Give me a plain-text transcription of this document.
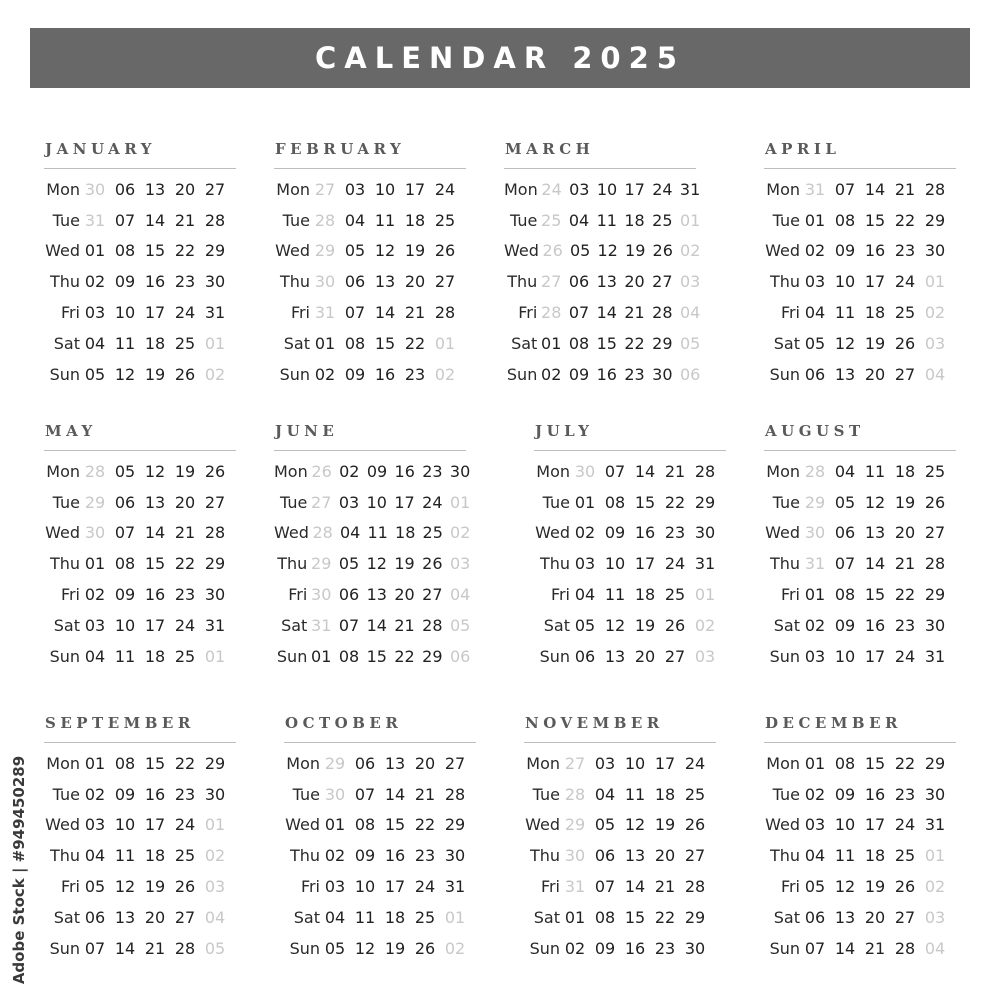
CALENDAR 2025
JANUARY
Mon 30 06 13 20 27
Tue 31 07 14 21 28
Wed 01 08 15 22 29
Thu 02 09 16 23 30
Fri 03 10 17 24 31
Sat 04 11 18 25 01
Sun 05 12 19 26 02
FEBRUARY
Mon 27 03 10 17 24
Tue 28 04 11 18 25
Wed 29 05 12 19 26
Thu 30 06 13 20 27
Fri 31 07 14 21 28
Sat 01 08 15 22 01
Sun 02 09 16 23 02
MARCH
Mon 24 03 10 17 24 31
Tue 25 04 11 18 25 01
Wed 26 05 12 19 26 02
Thu 27 06 13 20 27 03
Fri 28 07 14 21 28 04
Sat 01 08 15 22 29 05
Sun 02 09 16 23 30 06
APRIL
Mon 31 07 14 21 28
Tue 01 08 15 22 29
Wed 02 09 16 23 30
Thu 03 10 17 24 01
Fri 04 11 18 25 02
Sat 05 12 19 26 03
Sun 06 13 20 27 04
MAY
Mon 28 05 12 19 26
Tue 29 06 13 20 27
Wed 30 07 14 21 28
Thu 01 08 15 22 29
Fri 02 09 16 23 30
Sat 03 10 17 24 31
Sun 04 11 18 25 01
JUNE
Mon 26 02 09 16 23 30
Tue 27 03 10 17 24 01
Wed 28 04 11 18 25 02
Thu 29 05 12 19 26 03
Fri 30 06 13 20 27 04
Sat 31 07 14 21 28 05
Sun 01 08 15 22 29 06
JULY
Mon 30 07 14 21 28
Tue 01 08 15 22 29
Wed 02 09 16 23 30
Thu 03 10 17 24 31
Fri 04 11 18 25 01
Sat 05 12 19 26 02
Sun 06 13 20 27 03
AUGUST
Mon 28 04 11 18 25
Tue 29 05 12 19 26
Wed 30 06 13 20 27
Thu 31 07 14 21 28
Fri 01 08 15 22 29
Sat 02 09 16 23 30
Sun 03 10 17 24 31
SEPTEMBER
Mon 01 08 15 22 29
Tue 02 09 16 23 30
Wed 03 10 17 24 01
Thu 04 11 18 25 02
Fri 05 12 19 26 03
Sat 06 13 20 27 04
Sun 07 14 21 28 05
OCTOBER
Mon 29 06 13 20 27
Tue 30 07 14 21 28
Wed 01 08 15 22 29
Thu 02 09 16 23 30
Fri 03 10 17 24 31
Sat 04 11 18 25 01
Sun 05 12 19 26 02
NOVEMBER
Mon 27 03 10 17 24
Tue 28 04 11 18 25
Wed 29 05 12 19 26
Thu 30 06 13 20 27
Fri 31 07 14 21 28
Sat 01 08 15 22 29
Sun 02 09 16 23 30
DECEMBER
Mon 01 08 15 22 29
Tue 02 09 16 23 30
Wed 03 10 17 24 31
Thu 04 11 18 25 01
Fri 05 12 19 26 02
Sat 06 13 20 27 03
Sun 07 14 21 28 04
Adobe Stock | #949450289
